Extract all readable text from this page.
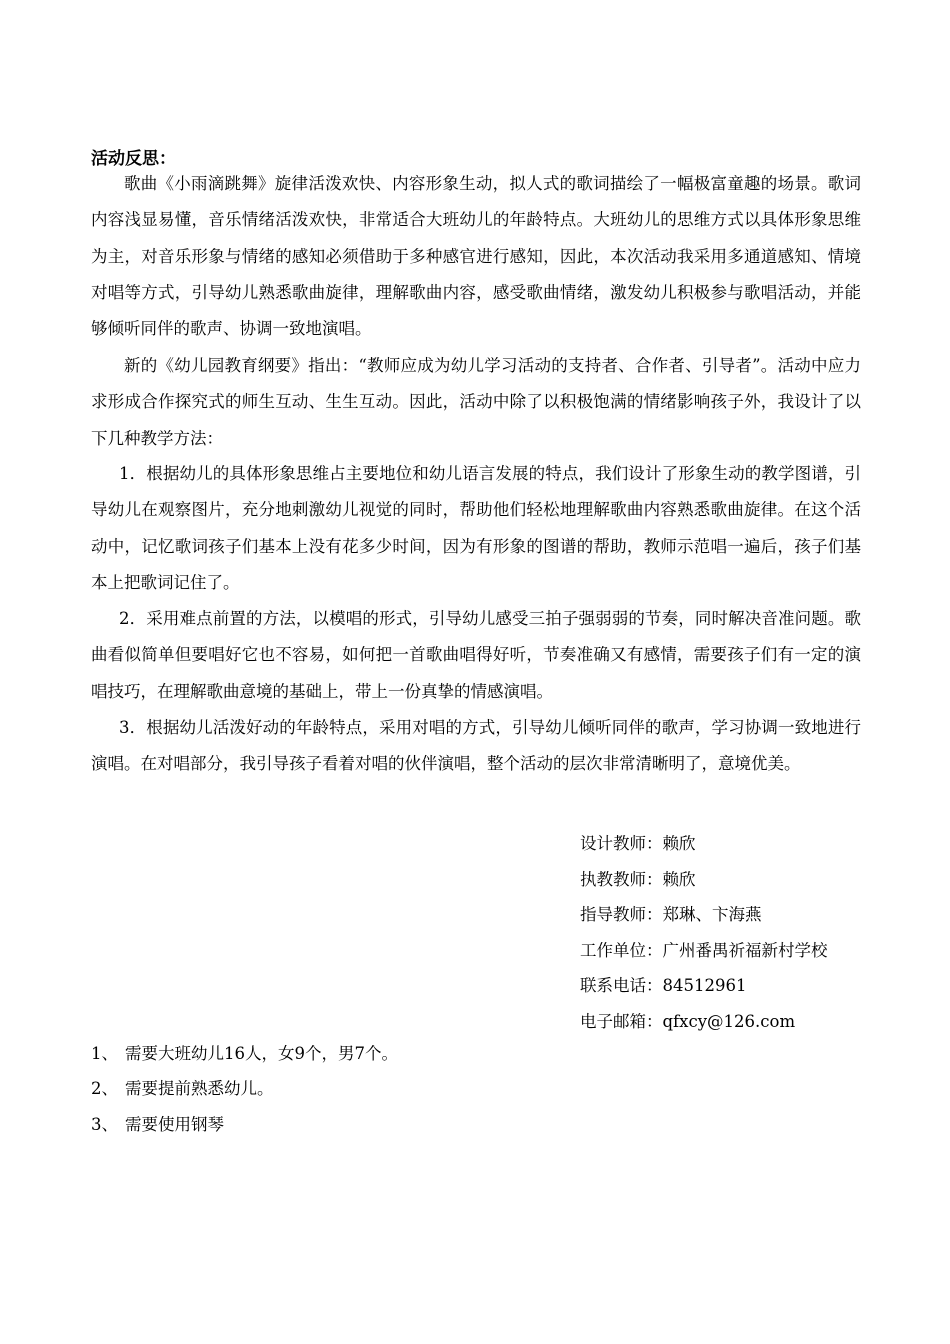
活动反思：

歌曲《小雨滴跳舞》旋律活泼欢快、内容形象生动，拟人式的歌词描绘了一幅极富童趣的场景。歌词内容浅显易懂，音乐情绪活泼欢快，非常适合大班幼儿的年龄特点。大班幼儿的思维方式以具体形象思维为主，对音乐形象与情绪的感知必须借助于多种感官进行感知，因此，本次活动我采用多通道感知、情境对唱等方式，引导幼儿熟悉歌曲旋律，理解歌曲内容，感受歌曲情绪，激发幼儿积极参与歌唱活动，并能够倾听同伴的歌声、协调一致地演唱。

新的《幼儿园教育纲要》指出：“教师应成为幼儿学习活动的支持者、合作者、引导者”。活动中应力求形成合作探究式的师生互动、生生互动。因此，活动中除了以积极饱满的情绪影响孩子外，我设计了以下几种教学方法：

1．根据幼儿的具体形象思维占主要地位和幼儿语言发展的特点，我们设计了形象生动的教学图谱，引导幼儿在观察图片，充分地刺激幼儿视觉的同时，帮助他们轻松地理解歌曲内容熟悉歌曲旋律。在这个活动中，记忆歌词孩子们基本上没有花多少时间，因为有形象的图谱的帮助，教师示范唱一遍后，孩子们基本上把歌词记住了。

2．采用难点前置的方法，以模唱的形式，引导幼儿感受三拍子强弱弱的节奏，同时解决音准问题。歌曲看似简单但要唱好它也不容易，如何把一首歌曲唱得好听，节奏准确又有感情，需要孩子们有一定的演唱技巧，在理解歌曲意境的基础上，带上一份真挚的情感演唱。

3．根据幼儿活泼好动的年龄特点，采用对唱的方式，引导幼儿倾听同伴的歌声，学习协调一致地进行演唱。在对唱部分，我引导孩子看着对唱的伙伴演唱，整个活动的层次非常清晰明了，意境优美。

设计教师：赖欣
执教教师：赖欣
指导教师：郑琳、卞海燕
工作单位：广州番禺祈福新村学校
联系电话：84512961
电子邮箱：qfxcy@126.com
1、 需要大班幼儿16人，女9个，男7个。
2、 需要提前熟悉幼儿。
3、 需要使用钢琴
